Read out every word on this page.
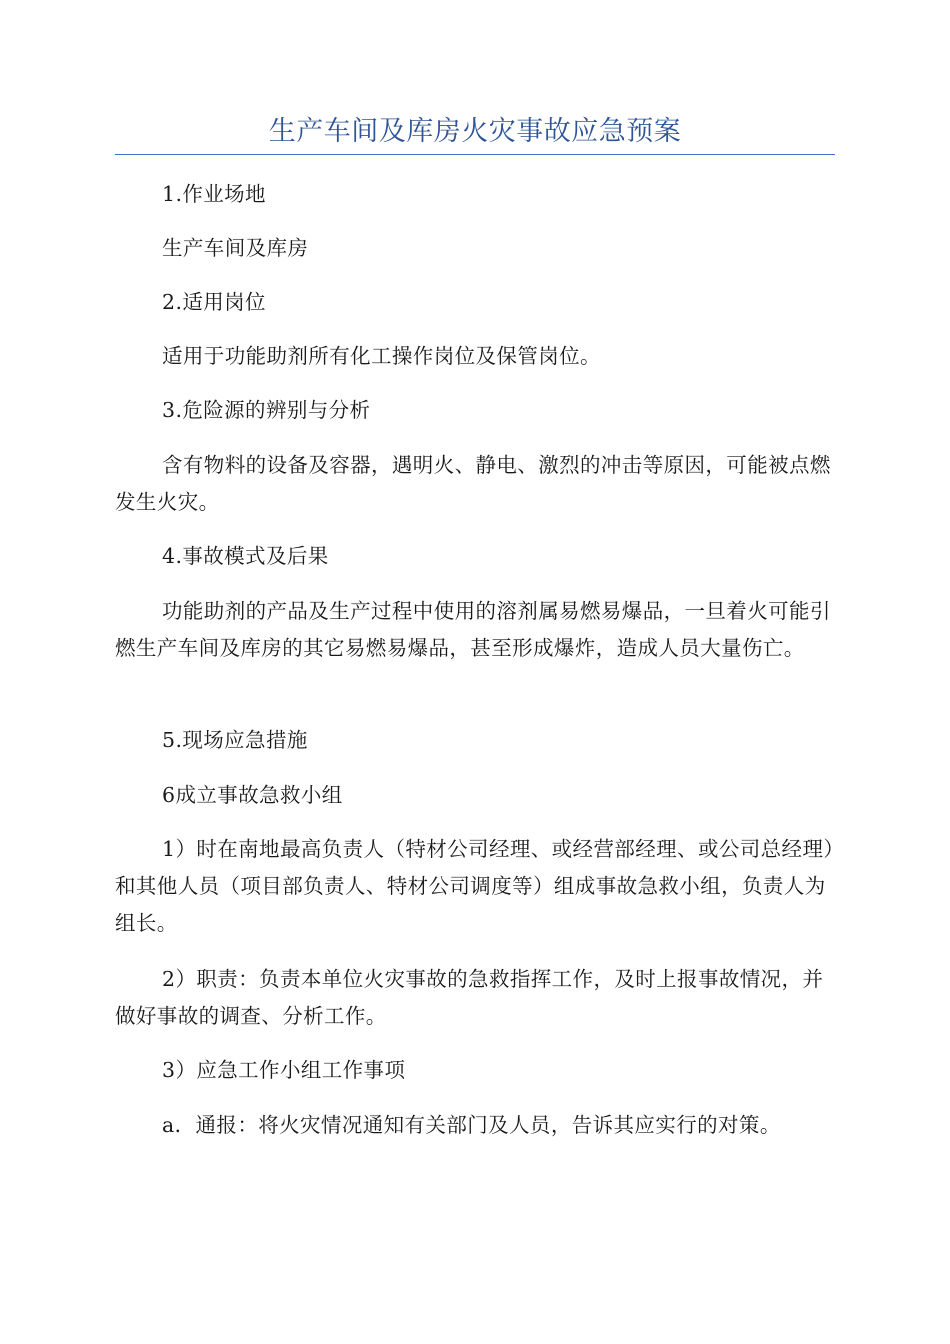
生产车间及库房火灾事故应急预案

1.作业场地

生产车间及库房

2.适用岗位

适用于功能助剂所有化工操作岗位及保管岗位。

3.危险源的辨别与分析

含有物料的设备及容器，遇明火、静电、激烈的冲击等原因，可能被点燃发生火灾。

4.事故模式及后果

功能助剂的产品及生产过程中使用的溶剂属易燃易爆品，一旦着火可能引燃生产车间及库房的其它易燃易爆品，甚至形成爆炸，造成人员大量伤亡。

5.现场应急措施

6成立事故急救小组

1）时在南地最高负责人（特材公司经理、或经营部经理、或公司总经理）和其他人员（项目部负责人、特材公司调度等）组成事故急救小组，负责人为组长。

2）职责：负责本单位火灾事故的急救指挥工作，及时上报事故情况，并做好事故的调查、分析工作。

3）应急工作小组工作事项

a．通报：将火灾情况通知有关部门及人员，告诉其应实行的对策。
